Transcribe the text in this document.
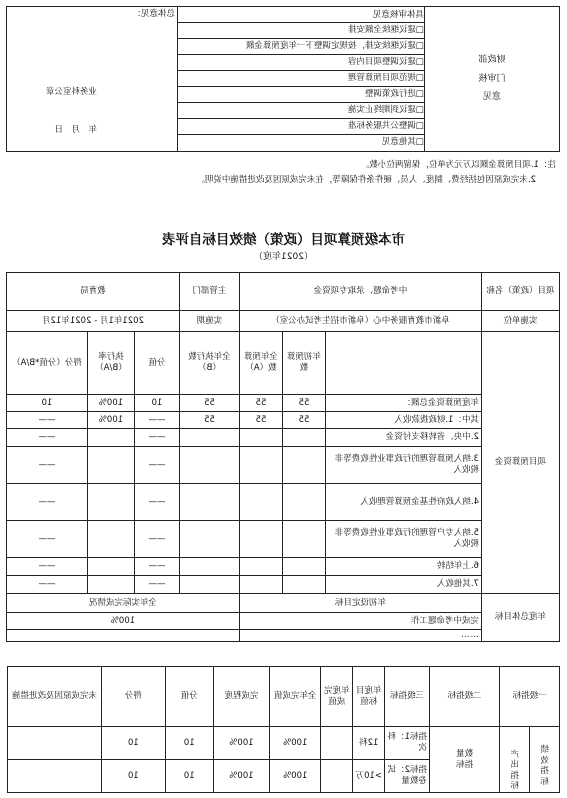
财政部门审核意见	
具体审核意见
□建议继续全额安排
□建议继续安排，按规定调整下一年度预算金额
□建议调整项目内容
□规范项目预算管理
□进行政策调整
□建议到期终止实施
□调整公共服务标准
□其他意见

总体意见：
业务科室公章
年　月　日
注：1.项目预算金额以万元为单位，保留两位小数。
2.未完成原因包括经费、制度、人员、硬件条件保障等，在未完成原因及改进措施中说明。
市本级预算项目（政策）绩效目标自评表
（2021年度）
项目（政策）名称	中考命题、录取专项资金			主管部门	教育局		
实施单位	阜新市教育服务中心（阜新市招生考试办公室）			实施期	2021年1月 - 2021年12月		
项目预算资金		年初预算数	全年预算数（A）	全年执行数（B）	分值	执行率（B/A）	得分（分值*B/A）
	年度预算资金总额：	55	55	55	10	100%	10
	其中：1.财政拨款收入	55	55	55	——	100%	——
	2.中央、省转移支付资金				——		——
	3.纳入预算管理的行政事业性收费等非税收入				——		——
	4.纳入政府性基金预算管理收入				——		——
	5.纳入专户管理的行政事业性收费等非税收入				——		——
	6.上年结转				——		——
	7.其他收入				——		——
年度总体目标	年初设定目标			全年实际完成情况			
	完成中考命题工作			100%			
	……						
一级指标		二级指标	三级指标	年度目标值	年度完成值	全年完成值	完成程度	分值	得分	未完成原因及改进措施
绩效指标	产出指标	数量指标	指标1：科次	12科		100%	100%	10	10	
			指标2：试卷数量	>10万		100%	100%	10	10	
